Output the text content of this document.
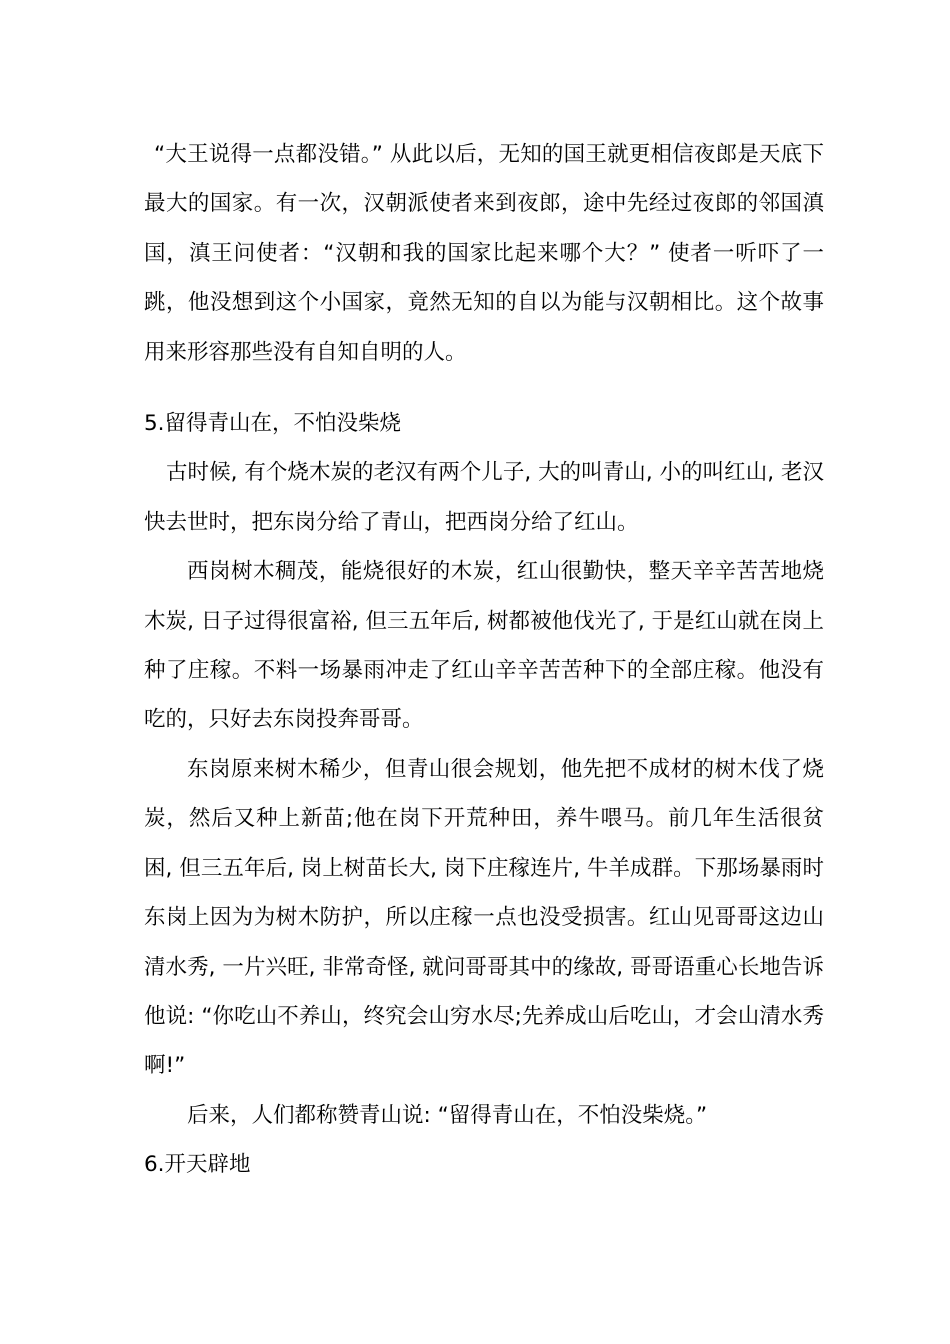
“大王说得一点都没错。” 从此以后，无知的国王就更相信夜郎是天底下最大的国家。有一次，汉朝派使者来到夜郎，途中先经过夜郎的邻国滇国，滇王问使者：“汉朝和我的国家比起来哪个大？” 使者一听吓了一跳，他没想到这个小国家，竟然无知的自以为能与汉朝相比。这个故事用来形容那些没有自知自明的人。

5.留得青山在，不怕没柴烧

古时候, 有个烧木炭的老汉有两个儿子, 大的叫青山, 小的叫红山, 老汉快去世时，把东岗分给了青山，把西岗分给了红山。

西岗树木稠茂，能烧很好的木炭，红山很勤快，整天辛辛苦苦地烧木炭, 日子过得很富裕, 但三五年后, 树都被他伐光了, 于是红山就在岗上种了庄稼。不料一场暴雨冲走了红山辛辛苦苦种下的全部庄稼。他没有吃的，只好去东岗投奔哥哥。

东岗原来树木稀少，但青山很会规划，他先把不成材的树木伐了烧炭，然后又种上新苗;他在岗下开荒种田，养牛喂马。前几年生活很贫困, 但三五年后, 岗上树苗长大, 岗下庄稼连片, 牛羊成群。下那场暴雨时东岗上因为为树木防护，所以庄稼一点也没受损害。红山见哥哥这边山清水秀, 一片兴旺, 非常奇怪, 就问哥哥其中的缘故, 哥哥语重心长地告诉他说: “你吃山不养山，终究会山穷水尽;先养成山后吃山，才会山清水秀啊!”

后来，人们都称赞青山说: “留得青山在，不怕没柴烧。”

6.开天辟地
